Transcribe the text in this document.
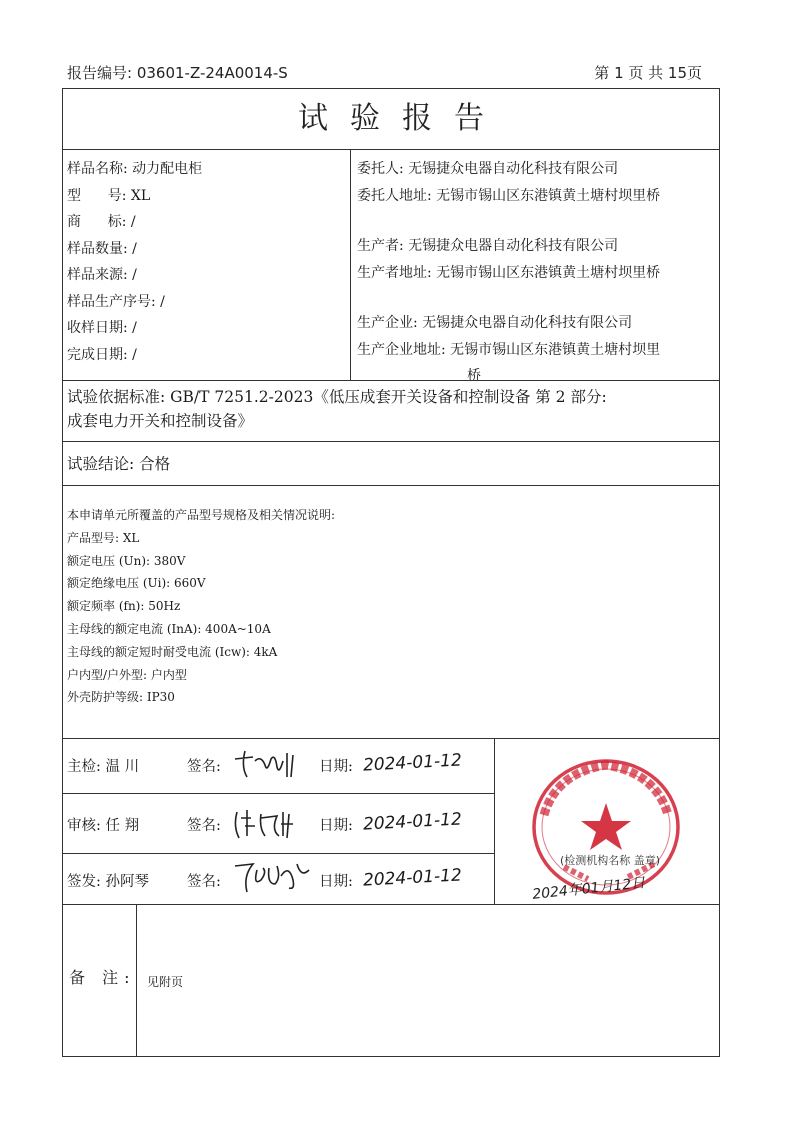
报告编号: 03601-Z-24A0014-S	第 1 页 共 15页
试验报告
样品名称: 动力配电柜
型      号: XL
商      标: /
样品数量: /
样品来源: /
样品生产序号: /
收样日期: /
完成日期: /
委托人: 无锡捷众电器自动化科技有限公司
委托人地址: 无锡市锡山区东港镇黄土塘村坝里桥
生产者: 无锡捷众电器自动化科技有限公司
生产者地址: 无锡市锡山区东港镇黄土塘村坝里桥
生产企业: 无锡捷众电器自动化科技有限公司
生产企业地址: 无锡市锡山区东港镇黄土塘村坝里
桥
试验依据标准: GB/T 7251.2-2023《低压成套开关设备和控制设备 第 2 部分:
成套电力开关和控制设备》
试验结论: 合格
本申请单元所覆盖的产品型号规格及相关情况说明:
产品型号: XL
额定电压 (Un): 380V
额定绝缘电压 (Ui): 660V
额定频率 (fn): 50Hz
主母线的额定电流 (InA): 400A~10A
主母线的额定短时耐受电流 (Icw): 4kA
户内型/户外型: 户内型
外壳防护等级: IP30
主检: 温 川	签名:	日期: 2024-01-12
审核: 任 翔	签名:	日期: 2024-01-12
签发: 孙阿琴	签名:	日期: 2024-01-12
备 注: 见附页
(检测机构名称 盖章)
2024年01月12日
